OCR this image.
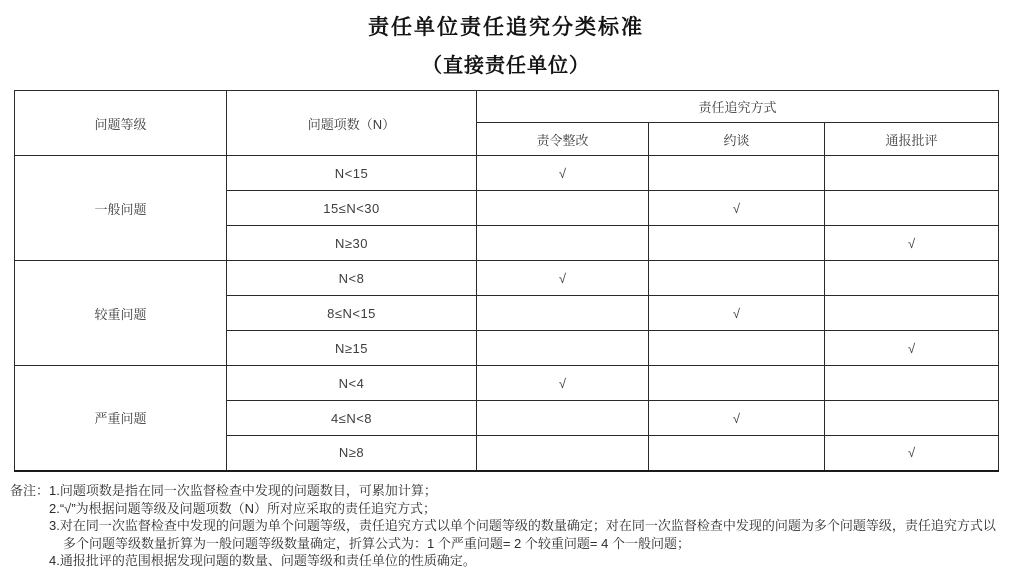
责任单位责任追究分类标准
（直接责任单位）
问题等级	问题项数（N）	责任追究方式		
		责令整改	约谈	通报批评
一般问题	N<15	√		
	15≤N<30		√	
	N≥30			√
较重问题	N<8	√		
	8≤N<15		√	
	N≥15			√
严重问题	N<4	√		
	4≤N<8		√	
	N≥8			√
备注： 1.问题项数是指在同一次监督检查中发现的问题数目，可累加计算；
2.“√”为根据问题等级及问题项数（N）所对应采取的责任追究方式；
3.对在同一次监督检查中发现的问题为单个问题等级，责任追究方式以单个问题等级的数量确定；对在同一次监督检查中发现的问题为多个问题等级，责任追究方式以多个问题等级数量折算为一般问题等级数量确定，折算公式为：1 个严重问题= 2 个较重问题= 4 个一般问题；
4.通报批评的范围根据发现问题的数量、问题等级和责任单位的性质确定。
